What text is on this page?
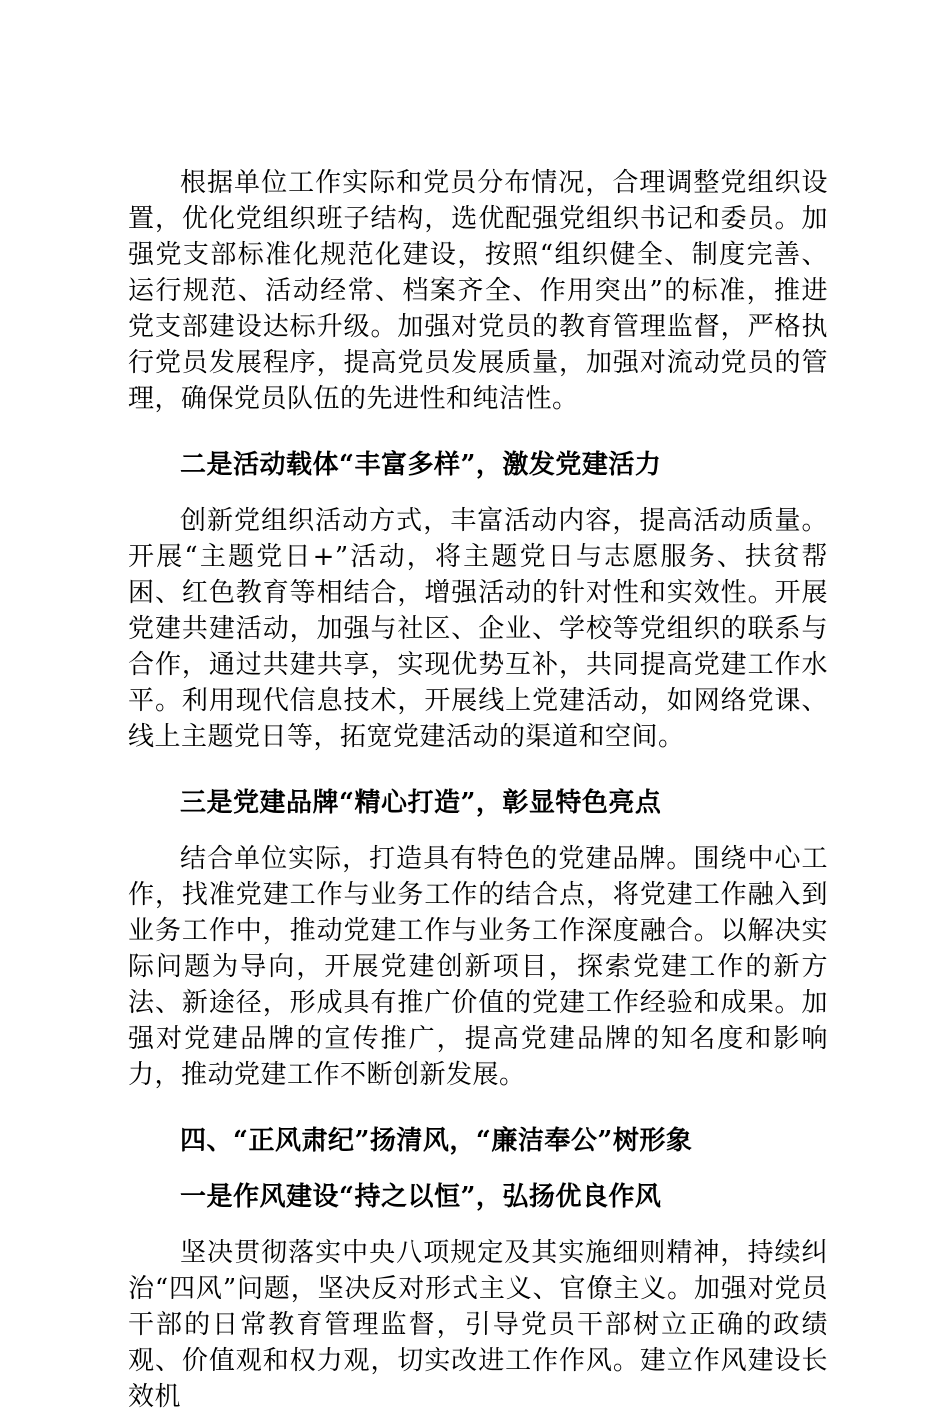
根据单位工作实际和党员分布情况，合理调整党组织设置，优化党组织班子结构，选优配强党组织书记和委员。加强党支部标准化规范化建设，按照“组织健全、制度完善、运行规范、活动经常、档案齐全、作用突出”的标准，推进党支部建设达标升级。加强对党员的教育管理监督，严格执行党员发展程序，提高党员发展质量，加强对流动党员的管理，确保党员队伍的先进性和纯洁性。

二是活动载体“丰富多样”，激发党建活力

创新党组织活动方式，丰富活动内容，提高活动质量。开展“主题党日+”活动，将主题党日与志愿服务、扶贫帮困、红色教育等相结合，增强活动的针对性和实效性。开展党建共建活动，加强与社区、企业、学校等党组织的联系与合作，通过共建共享，实现优势互补，共同提高党建工作水平。利用现代信息技术，开展线上党建活动，如网络党课、线上主题党日等，拓宽党建活动的渠道和空间。

三是党建品牌“精心打造”，彰显特色亮点

结合单位实际，打造具有特色的党建品牌。围绕中心工作，找准党建工作与业务工作的结合点，将党建工作融入到业务工作中，推动党建工作与业务工作深度融合。以解决实际问题为导向，开展党建创新项目，探索党建工作的新方法、新途径，形成具有推广价值的党建工作经验和成果。加强对党建品牌的宣传推广，提高党建品牌的知名度和影响力，推动党建工作不断创新发展。

四、“正风肃纪”扬清风，“廉洁奉公”树形象

一是作风建设“持之以恒”，弘扬优良作风

坚决贯彻落实中央八项规定及其实施细则精神，持续纠治“四风”问题，坚决反对形式主义、官僚主义。加强对党员干部的日常教育管理监督，引导党员干部树立正确的政绩观、价值观和权力观，切实改进工作作风。建立作风建设长效机
